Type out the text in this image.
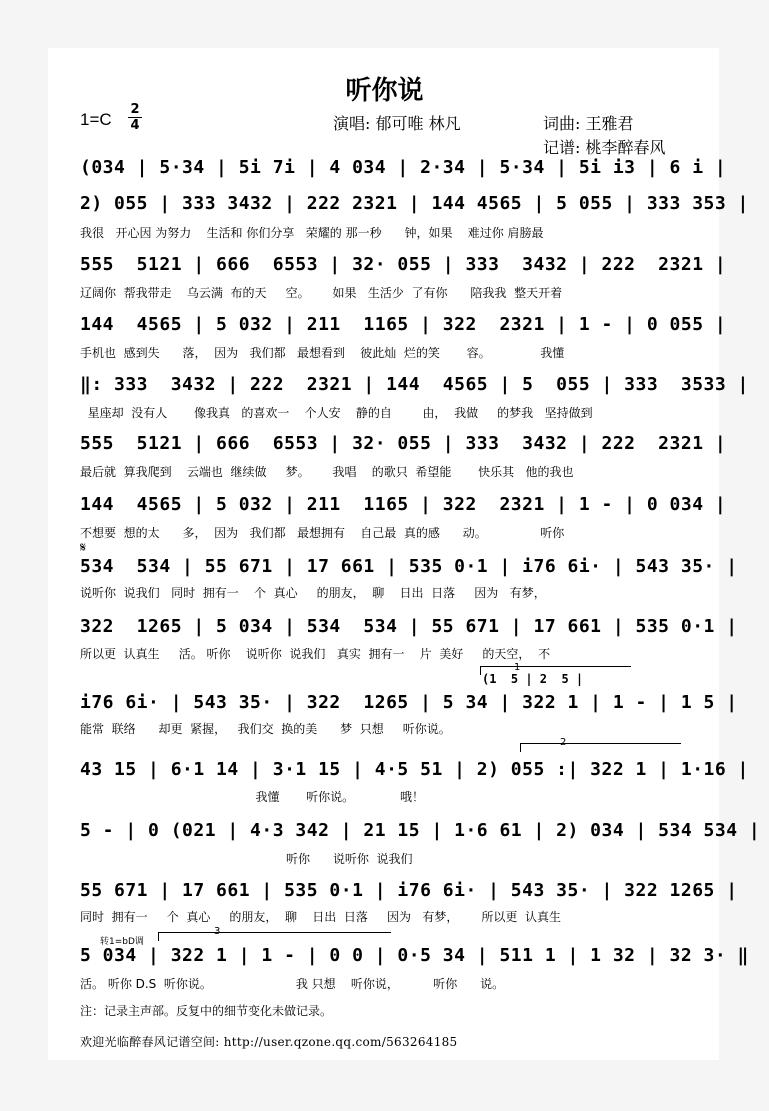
听你说
1=C
2
4	演唱: 郁可唯 林凡	词曲: 王雅君
记谱: 桃李醉春风
(034 | 5·34 | 5i 7i | 4 034 | 2·34 | 5·34 | 5i i3 | 6 i |
2) 055 | 333 3432 | 222 2321 | 144 4565 | 5 055 | 333 353 |
我很   开心因 为努力    生活和 你们分享   荣耀的 那一秒      钟，如果    难过你 肩膀最
555  5121 | 666  6553 | 32· 055 | 333  3432 | 222  2321 |
辽阔你  帮我带走    乌云满  布的天     空。      如果   生活少  了有你      陪我我  整天开着
144  4565 | 5 032 | 211  1165 | 322  2321 | 1 - | 0 055 |
手机也  感到失      落，  因为   我们都   最想看到    彼此灿  烂的笑       容。             我懂
‖: 333  3432 | 222  2321 | 144  4565 | 5  055 | 333  3533 |
星座却  没有人       像我真   的喜欢一    个人安    静的自        由，  我做     的梦我   坚持做到
555  5121 | 666  6553 | 32· 055 | 333  3432 | 222  2321 |
最后就  算我爬到    云端也  继续做     梦。      我唱    的歌只  希望能       快乐其   他的我也
144  4565 | 5 032 | 211  1165 | 322  2321 | 1 - | 0 034 |
不想要  想的太      多，  因为   我们都   最想拥有    自己最  真的感      动。              听你
𝄋
534  534 | 55 671 | 17 661 | 535 0·1 | i76 6i· | 543 35· |
说听你  说我们   同时  拥有一    个  真心     的朋友，  聊    日出  日落     因为   有梦，
322  1265 | 5 034 | 534  534 | 55 671 | 17 661 | 535 0·1 |
所以更  认真生     活。 听你    说听你  说我们   真实  拥有一    片  美好     的天空，  不
1
(1  5 | 2  5 |
i76 6i· | 543 35· | 322  1265 | 5 34 | 322 1 | 1 - | 1 5 |
能常  联络      却更  紧握，   我们交  换的美      梦  只想     听你说。
2
43 15 | 6·1 14 | 3·1 15 | 4·5 51 | 2) 055 :| 322 1 | 1·16 |
我懂       听你说。            哦！
5 - | 0 (021 | 4·3 342 | 21 15 | 1·6 61 | 2) 034 | 534 534 |
听你      说听你  说我们
55 671 | 17 661 | 535 0·1 | i76 6i· | 543 35· | 322 1265 |
同时  拥有一     个  真心     的朋友，  聊    日出  日落     因为   有梦，      所以更  认真生
转1=bD调
3
5 034 | 322 1 | 1 - | 0 0 | 0·5 34 | 511 1 | 1 32 | 32 3· ‖
活。 听你 D.S  听你说。                      我 只想    听你说，         听你      说。
注：记录主声部。反复中的细节变化未做记录。
欢迎光临醉春风记谱空间: http://user.qzone.qq.com/563264185
